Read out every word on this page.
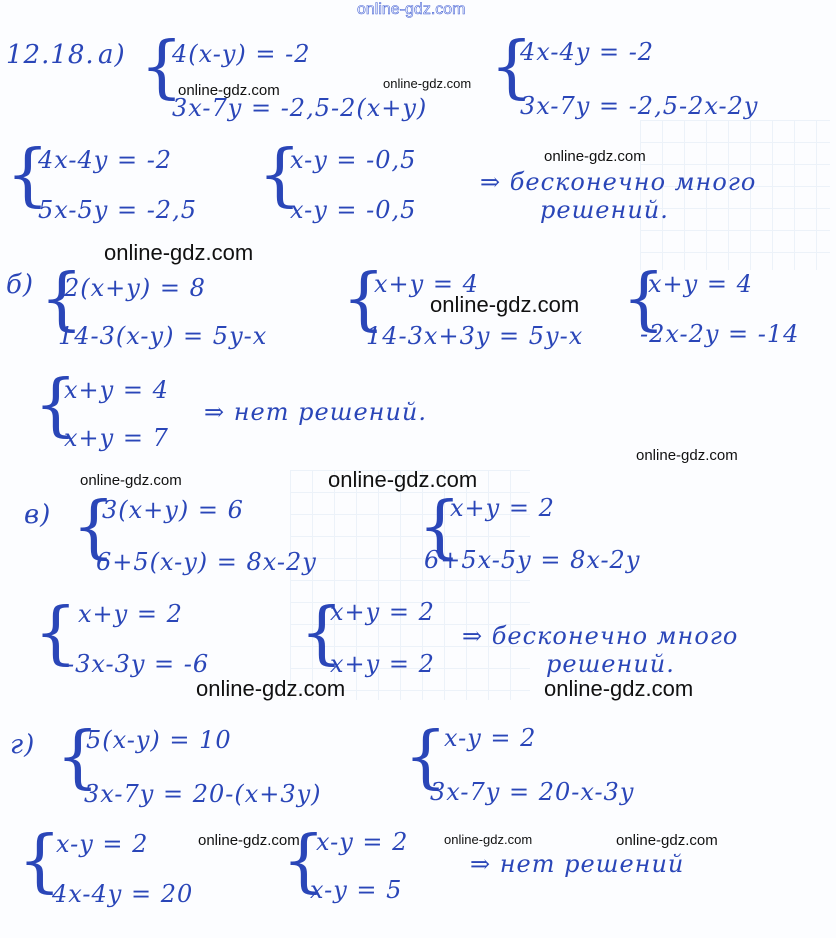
online-gdz.com
12.18. а) {
4(x-y) = -2
3x-7y = -2,5-2(x+y)
{
4x-4y = -2
3x-7y = -2,5-2x-2y
{
4x-4y = -2
5x-5y = -2,5 {
x-y = -0,5
x-y = -0,5
⇒ бесконечно много
решений.
б) {
2(x+y) = 8
14-3(x-y) = 5y-x {
x+y = 4
14-3x+3y = 5y-x {
x+y = 4
-2x-2y = -14
{
x+y = 4
x+y = 7
⇒ нет решений.
в) {
3(x+y) = 6
6+5(x-y) = 8x-2y {
x+y = 2
6+5x-5y = 8x-2y
{ x+y = 2
-3x-3y = -6 {
x+y = 2
x+y = 2
⇒ бесконечно много
решений.
г) {
5(x-y) = 10
3x-7y = 20-(x+3y) {
x-y = 2
3x-7y = 20-x-3y
{
x-y = 2
4x-4y = 20 {
x-y = 2
x-y = 5
⇒ нет решений
online-gdz.com
online-gdz.com
online-gdz.com
online-gdz.com
online-gdz.com
online-gdz.com
online-gdz.com	online-gdz.com
online-gdz.com	online-gdz.com
online-gdz.com	online-gdz.com	online-gdz.com
